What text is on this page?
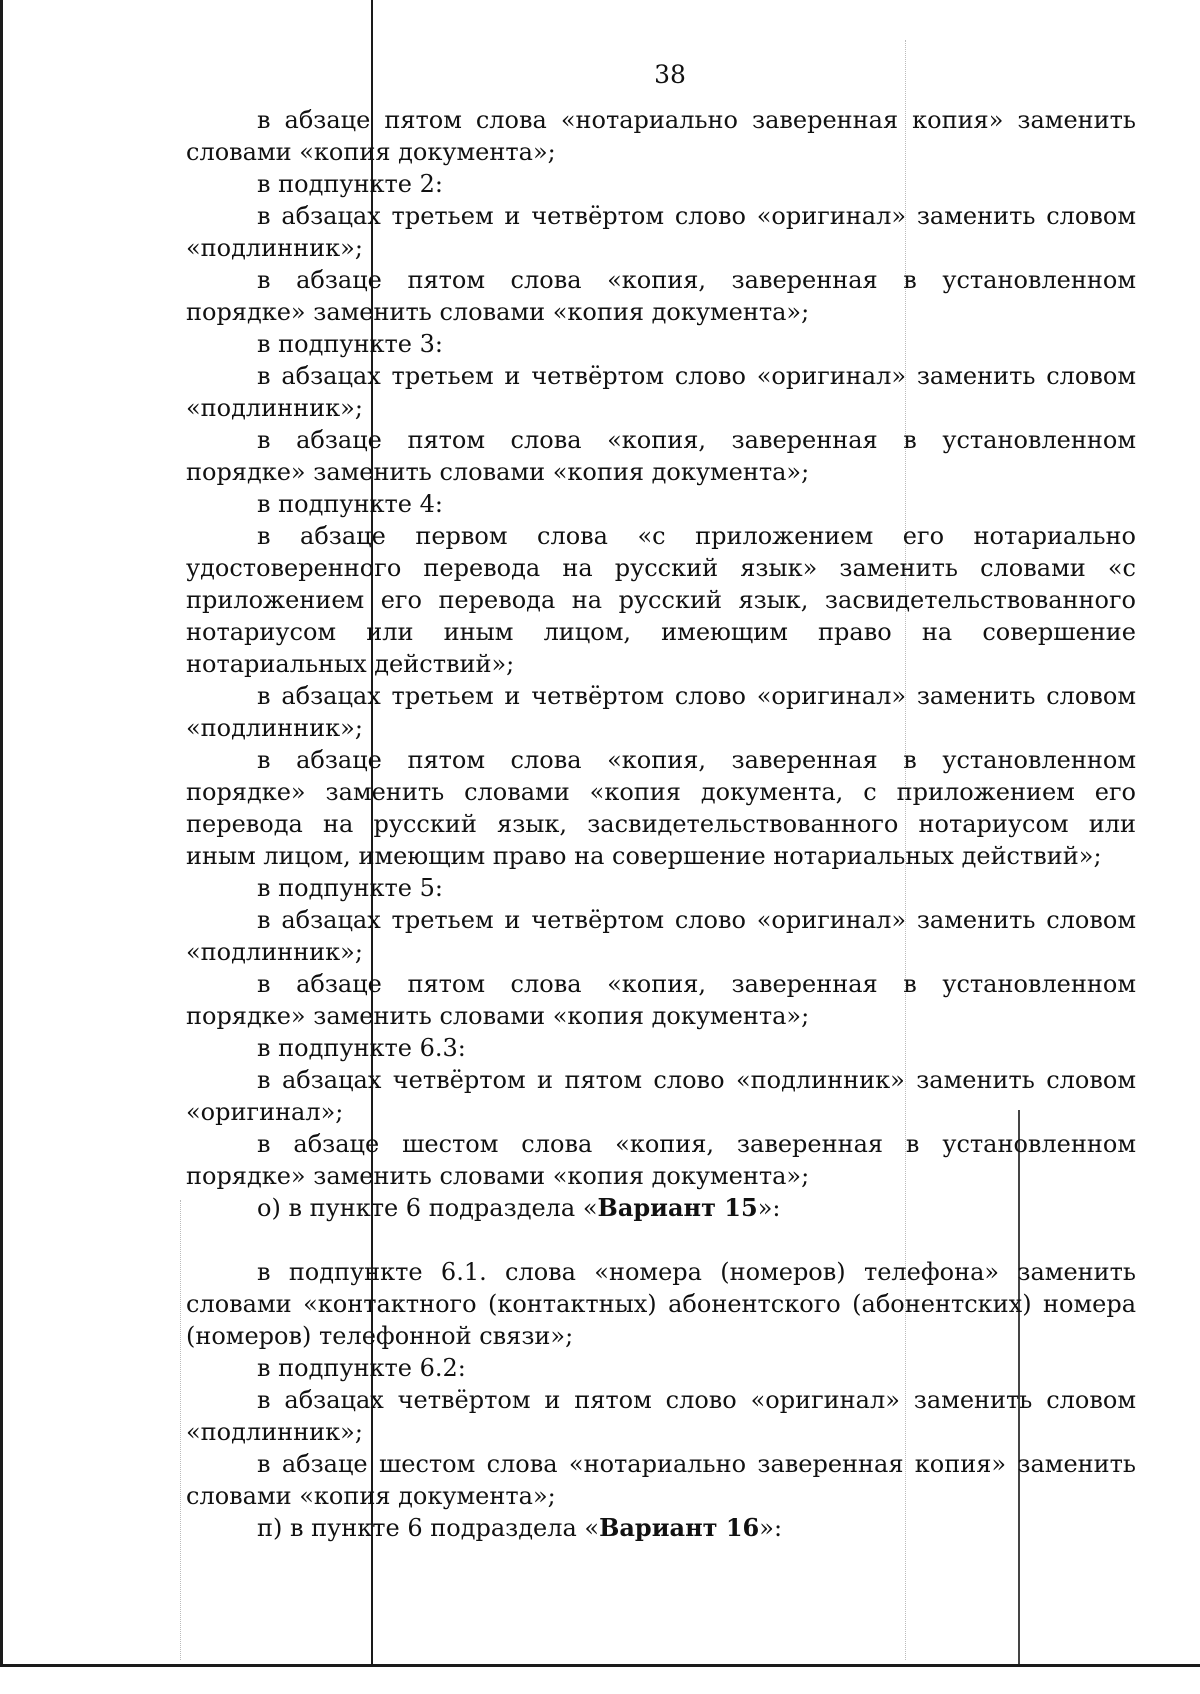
38

в абзаце пятом слова «нотариально заверенная копия» заменить словами «копия документа»;

в подпункте 2:

в абзацах третьем и четвёртом слово «оригинал» заменить словом «подлинник»;

в абзаце пятом слова «копия, заверенная в установленном порядке» заменить словами «копия документа»;

в подпункте 3:

в абзацах третьем и четвёртом слово «оригинал» заменить словом «подлинник»;

в абзаце пятом слова «копия, заверенная в установленном порядке» заменить словами «копия документа»;

в подпункте 4:

в абзаце первом слова «с приложением его нотариально удостоверенного перевода на русский язык» заменить словами «с приложением его перевода на русский язык, засвидетельствованного нотариусом или иным лицом, имеющим право на совершение нотариальных действий»;

в абзацах третьем и четвёртом слово «оригинал» заменить словом «подлинник»;

в абзаце пятом слова «копия, заверенная в установленном порядке» заменить словами «копия документа, с приложением его перевода на русский язык, засвидетельствованного нотариусом или иным лицом, имеющим право на совершение нотариальных действий»;

в подпункте 5:

в абзацах третьем и четвёртом слово «оригинал» заменить словом «подлинник»;

в абзаце пятом слова «копия, заверенная в установленном порядке» заменить словами «копия документа»;

в подпункте 6.3:

в абзацах четвёртом и пятом слово «подлинник» заменить словом «оригинал»;

в абзаце шестом слова «копия, заверенная в установленном порядке» заменить словами «копия документа»;

о) в пункте 6 подраздела «Вариант 15»:

в подпункте 6.1. слова «номера (номеров) телефона» заменить словами «контактного (контактных) абонентского (абонентских) номера (номеров) телефонной связи»;

в подпункте 6.2:

в абзацах четвёртом и пятом слово «оригинал» заменить словом «подлинник»;

в абзаце шестом слова «нотариально заверенная копия» заменить словами «копия документа»;

п) в пункте 6 подраздела «Вариант 16»:
